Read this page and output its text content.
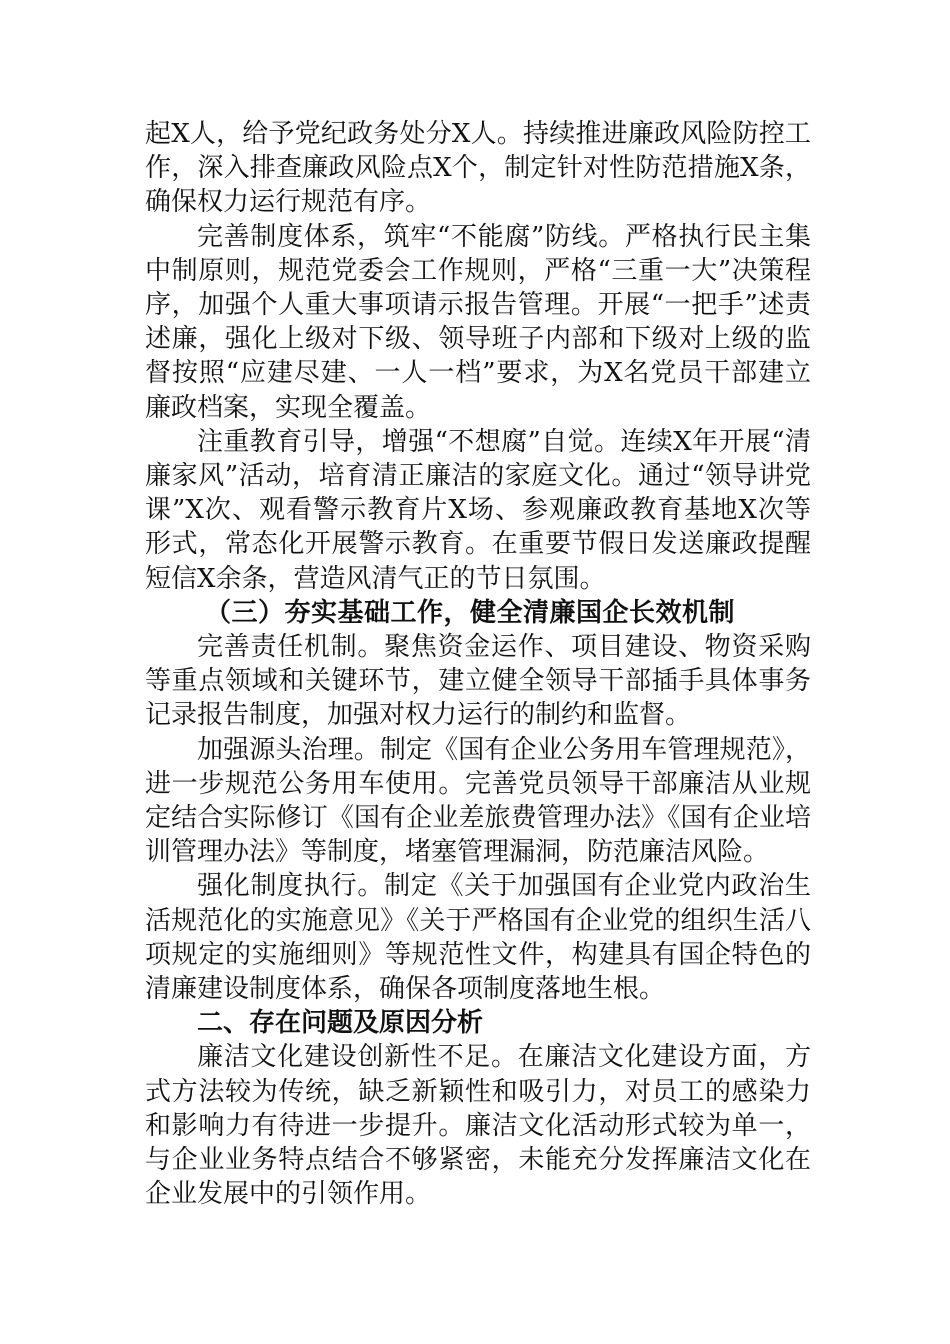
起X人，给予党纪政务处分X人。持续推进廉政风险防控工作，深入排查廉政风险点X个，制定针对性防范措施X条，确保权力运行规范有序。

完善制度体系，筑牢“不能腐”防线。严格执行民主集中制原则，规范党委会工作规则，严格“三重一大”决策程序，加强个人重大事项请示报告管理。开展“一把手”述责述廉，强化上级对下级、领导班子内部和下级对上级的监督按照“应建尽建、一人一档”要求，为X名党员干部建立廉政档案，实现全覆盖。

注重教育引导，增强“不想腐”自觉。连续X年开展“清廉家风”活动，培育清正廉洁的家庭文化。通过“领导讲党课”X次、观看警示教育片X场、参观廉政教育基地X次等形式，常态化开展警示教育。在重要节假日发送廉政提醒短信X余条，营造风清气正的节日氛围。

（三）夯实基础工作，健全清廉国企长效机制

完善责任机制。聚焦资金运作、项目建设、物资采购等重点领域和关键环节，建立健全领导干部插手具体事务记录报告制度，加强对权力运行的制约和监督。

加强源头治理。制定《国有企业公务用车管理规范》，进一步规范公务用车使用。完善党员领导干部廉洁从业规定结合实际修订《国有企业差旅费管理办法》《国有企业培训管理办法》等制度，堵塞管理漏洞，防范廉洁风险。

强化制度执行。制定《关于加强国有企业党内政治生活规范化的实施意见》《关于严格国有企业党的组织生活八项规定的实施细则》等规范性文件，构建具有国企特色的清廉建设制度体系，确保各项制度落地生根。

二、存在问题及原因分析

廉洁文化建设创新性不足。在廉洁文化建设方面，方式方法较为传统，缺乏新颖性和吸引力，对员工的感染力和影响力有待进一步提升。廉洁文化活动形式较为单一，与企业业务特点结合不够紧密，未能充分发挥廉洁文化在企业发展中的引领作用。
